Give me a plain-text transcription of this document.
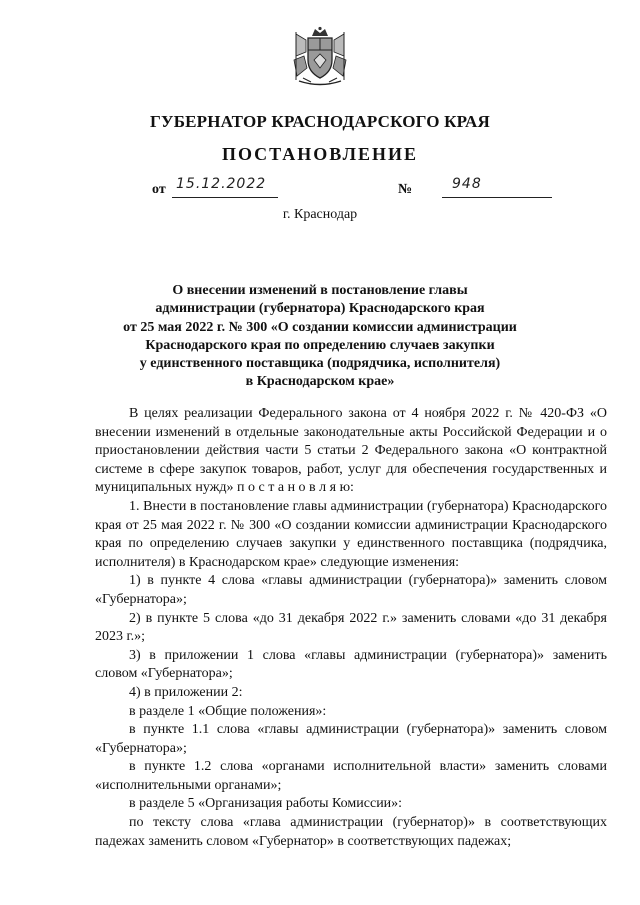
ГУБЕРНАТОР КРАСНОДАРСКОГО КРАЯ
ПОСТАНОВЛЕНИЕ
от 15.12.2022	№	948
г. Краснодар
О внесении изменений в постановление главы
администрации (губернатора) Краснодарского края
от 25 мая 2022 г. № 300 «О создании комиссии администрации
Краснодарского края по определению случаев закупки
у единственного поставщика (подрядчика, исполнителя)
в Краснодарском крае»

В целях реализации Федерального закона от 4 ноября 2022 г. № 420-ФЗ «О внесении изменений в отдельные законодательные акты Российской Федерации и о приостановлении действия части 5 статьи 2 Федерального закона «О контрактной системе в сфере закупок товаров, работ, услуг для обеспечения государственных и муниципальных нужд» п о с т а н о в л я ю:

1. Внести в постановление главы администрации (губернатора) Краснодарского края от 25 мая 2022 г. № 300 «О создании комиссии администрации Краснодарского края по определению случаев закупки у единственного поставщика (подрядчика, исполнителя) в Краснодарском крае» следующие изменения:

1) в пункте 4 слова «главы администрации (губернатора)» заменить словом «Губернатора»;

2) в пункте 5 слова «до 31 декабря 2022 г.» заменить словами «до 31 декабря 2023 г.»;

3) в приложении 1 слова «главы администрации (губернатора)» заменить словом «Губернатора»;

4) в приложении 2:

в разделе 1 «Общие положения»:

в пункте 1.1 слова «главы администрации (губернатора)» заменить словом «Губернатора»;

в пункте 1.2 слова «органами исполнительной власти» заменить словами «исполнительными органами»;

в разделе 5 «Организация работы Комиссии»:

по тексту слова «глава администрации (губернатор)» в соответствующих падежах заменить словом «Губернатор» в соответствующих падежах;
